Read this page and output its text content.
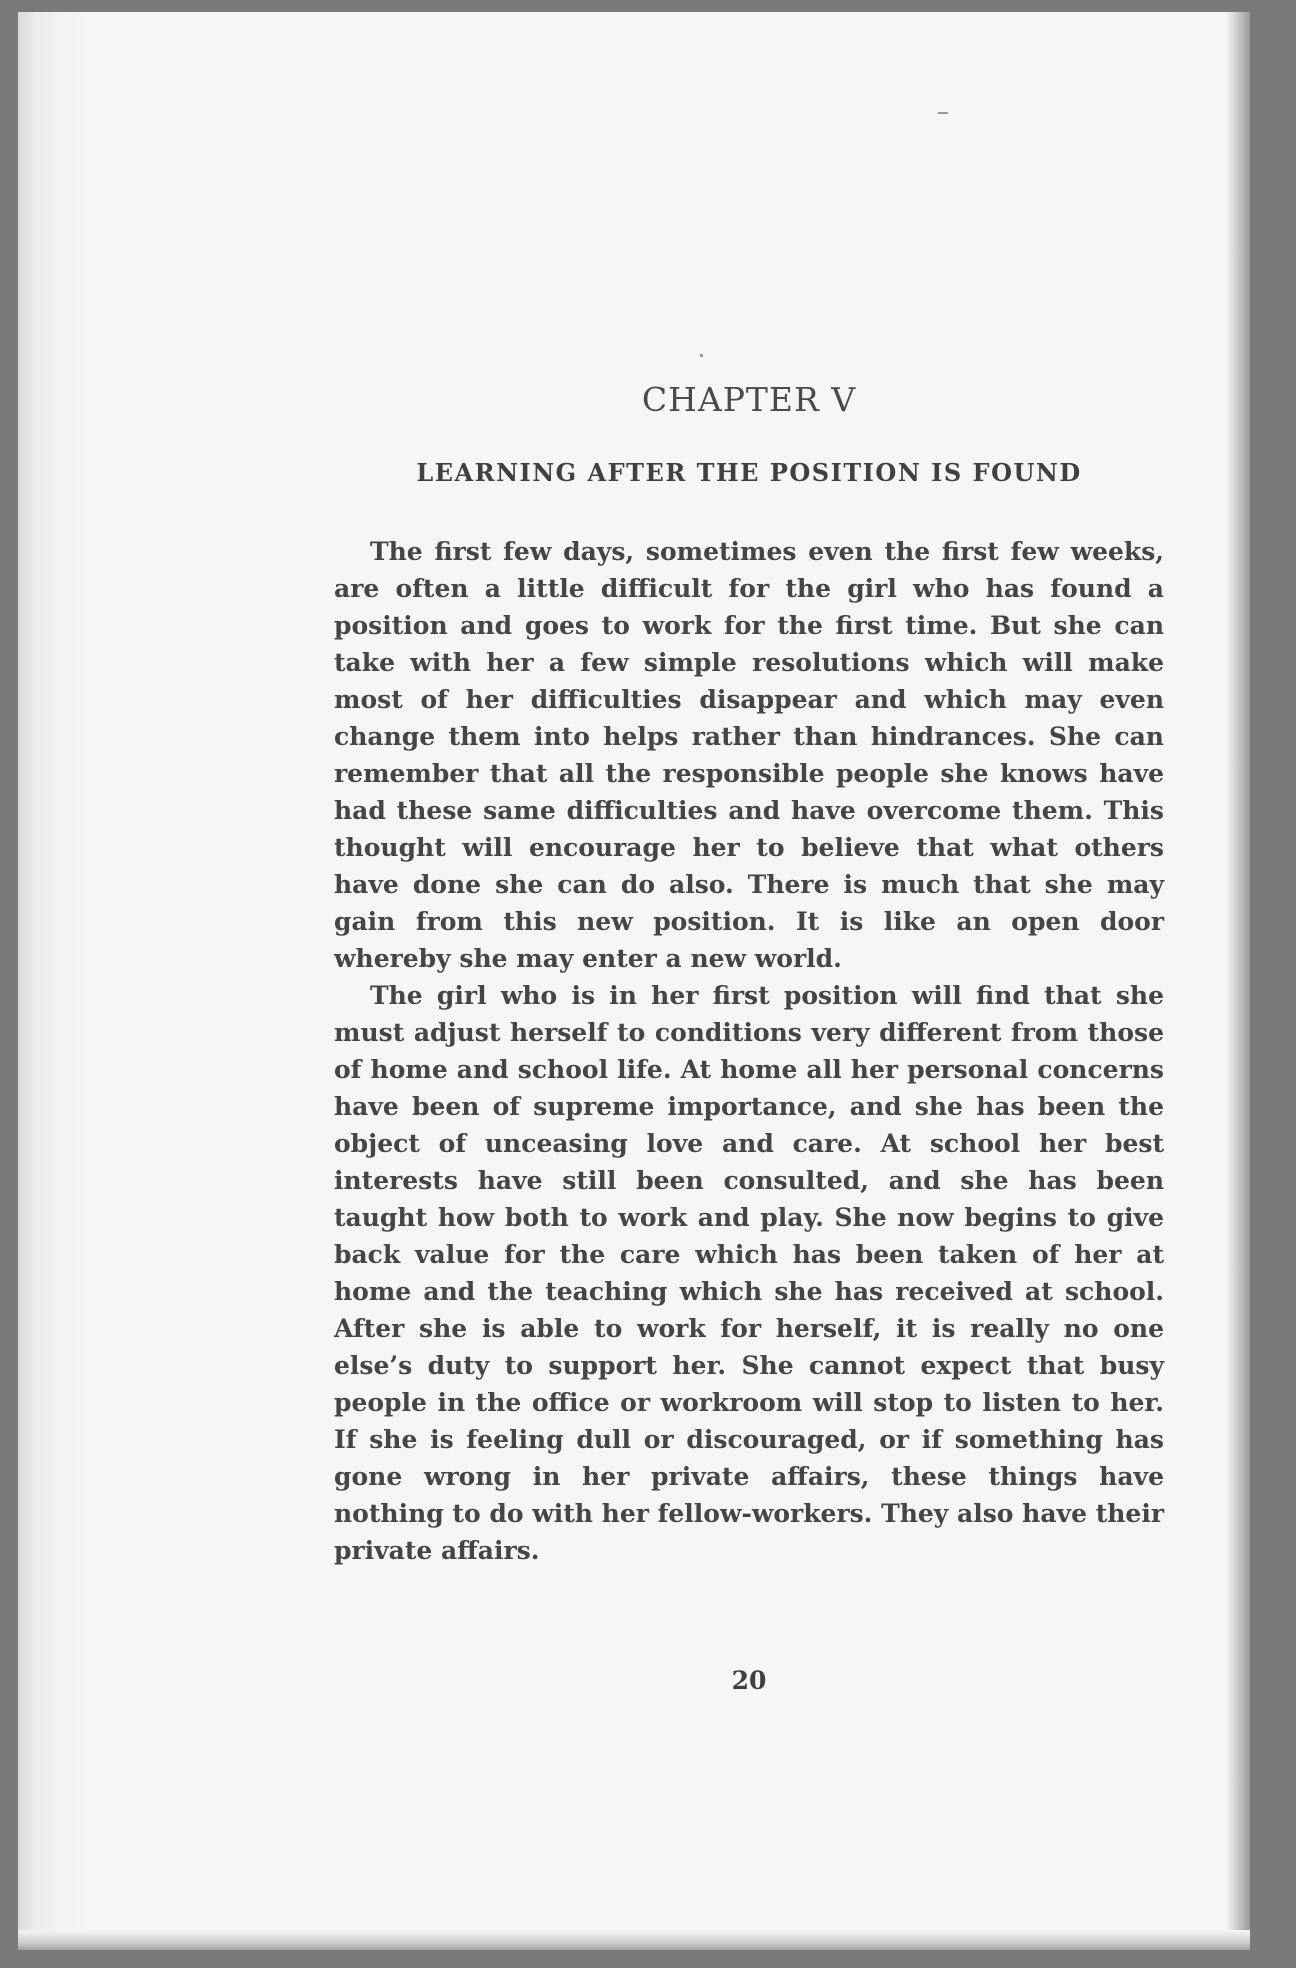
CHAPTER V
LEARNING AFTER THE POSITION IS FOUND

The first few days, sometimes even the first few weeks, are often a little difficult for the girl who has found a position and goes to work for the first time. But she can take with her a few simple resolutions which will make most of her difficulties disappear and which may even change them into helps rather than hindrances. She can remember that all the responsible people she knows have had these same difficulties and have overcome them. This thought will encourage her to believe that what others have done she can do also. There is much that she may gain from this new position. It is like an open door whereby she may enter a new world.

The girl who is in her first position will find that she must adjust herself to conditions very different from those of home and school life. At home all her personal concerns have been of supreme importance, and she has been the object of unceasing love and care. At school her best interests have still been consulted, and she has been taught how both to work and play. She now begins to give back value for the care which has been taken of her at home and the teaching which she has received at school. After she is able to work for herself, it is really no one else’s duty to support her. She cannot expect that busy people in the office or workroom will stop to listen to her. If she is feeling dull or discouraged, or if something has gone wrong in her private affairs, these things have nothing to do with her fellow-workers. They also have their private affairs.

20
